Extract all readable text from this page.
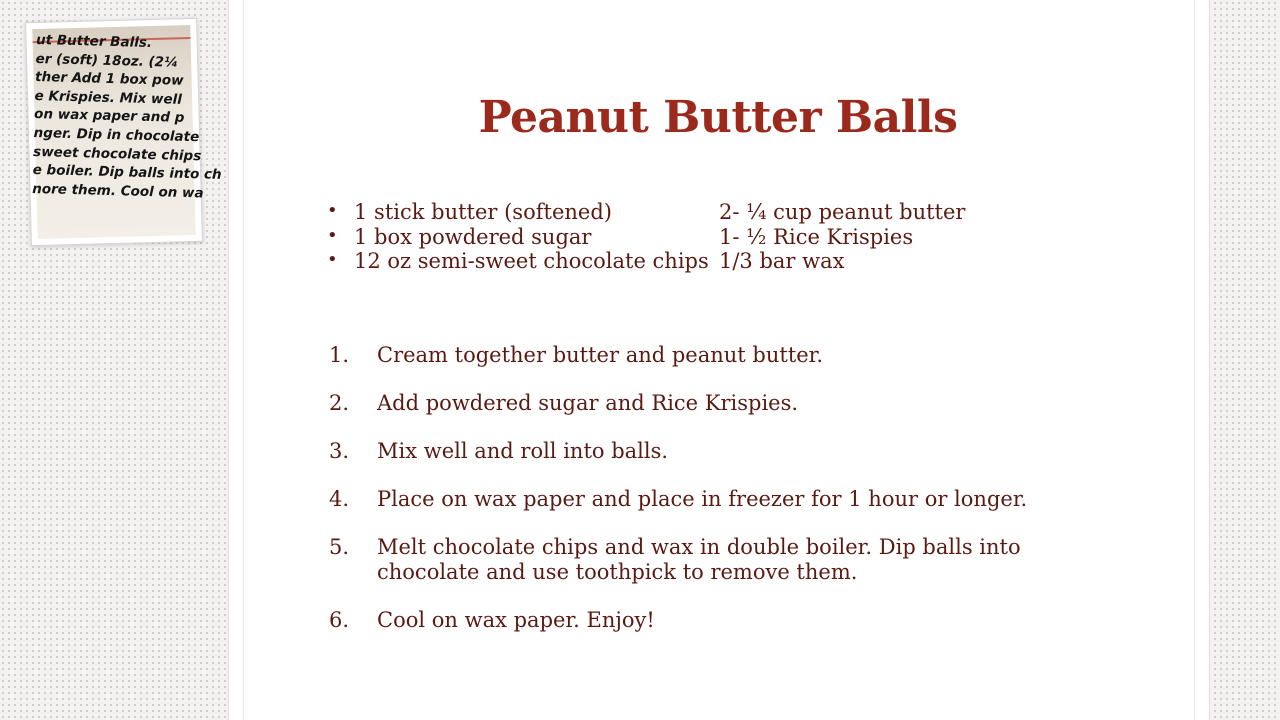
ut Butter Balls.
er (soft) 18oz. (2¼
ther Add 1 box pow
e Krispies. Mix well
on wax paper and p
nger. Dip in chocolate
sweet chocolate chips
e boiler. Dip balls into ch
nore them. Cool on wa
Peanut Butter Balls
• 1 stick butter (softened)	2- ¼ cup peanut butter
• 1 box powdered sugar	1- ½ Rice Krispies
• 12 oz semi-sweet chocolate chips 1/3 bar wax
1.	Cream together butter and peanut butter.
2.	Add powdered sugar and Rice Krispies.
3.	Mix well and roll into balls.
4.	Place on wax paper and place in freezer for 1 hour or longer.
5.	Melt chocolate chips and wax in double boiler. Dip balls into chocolate and use toothpick to remove them.
6.	Cool on wax paper. Enjoy!
